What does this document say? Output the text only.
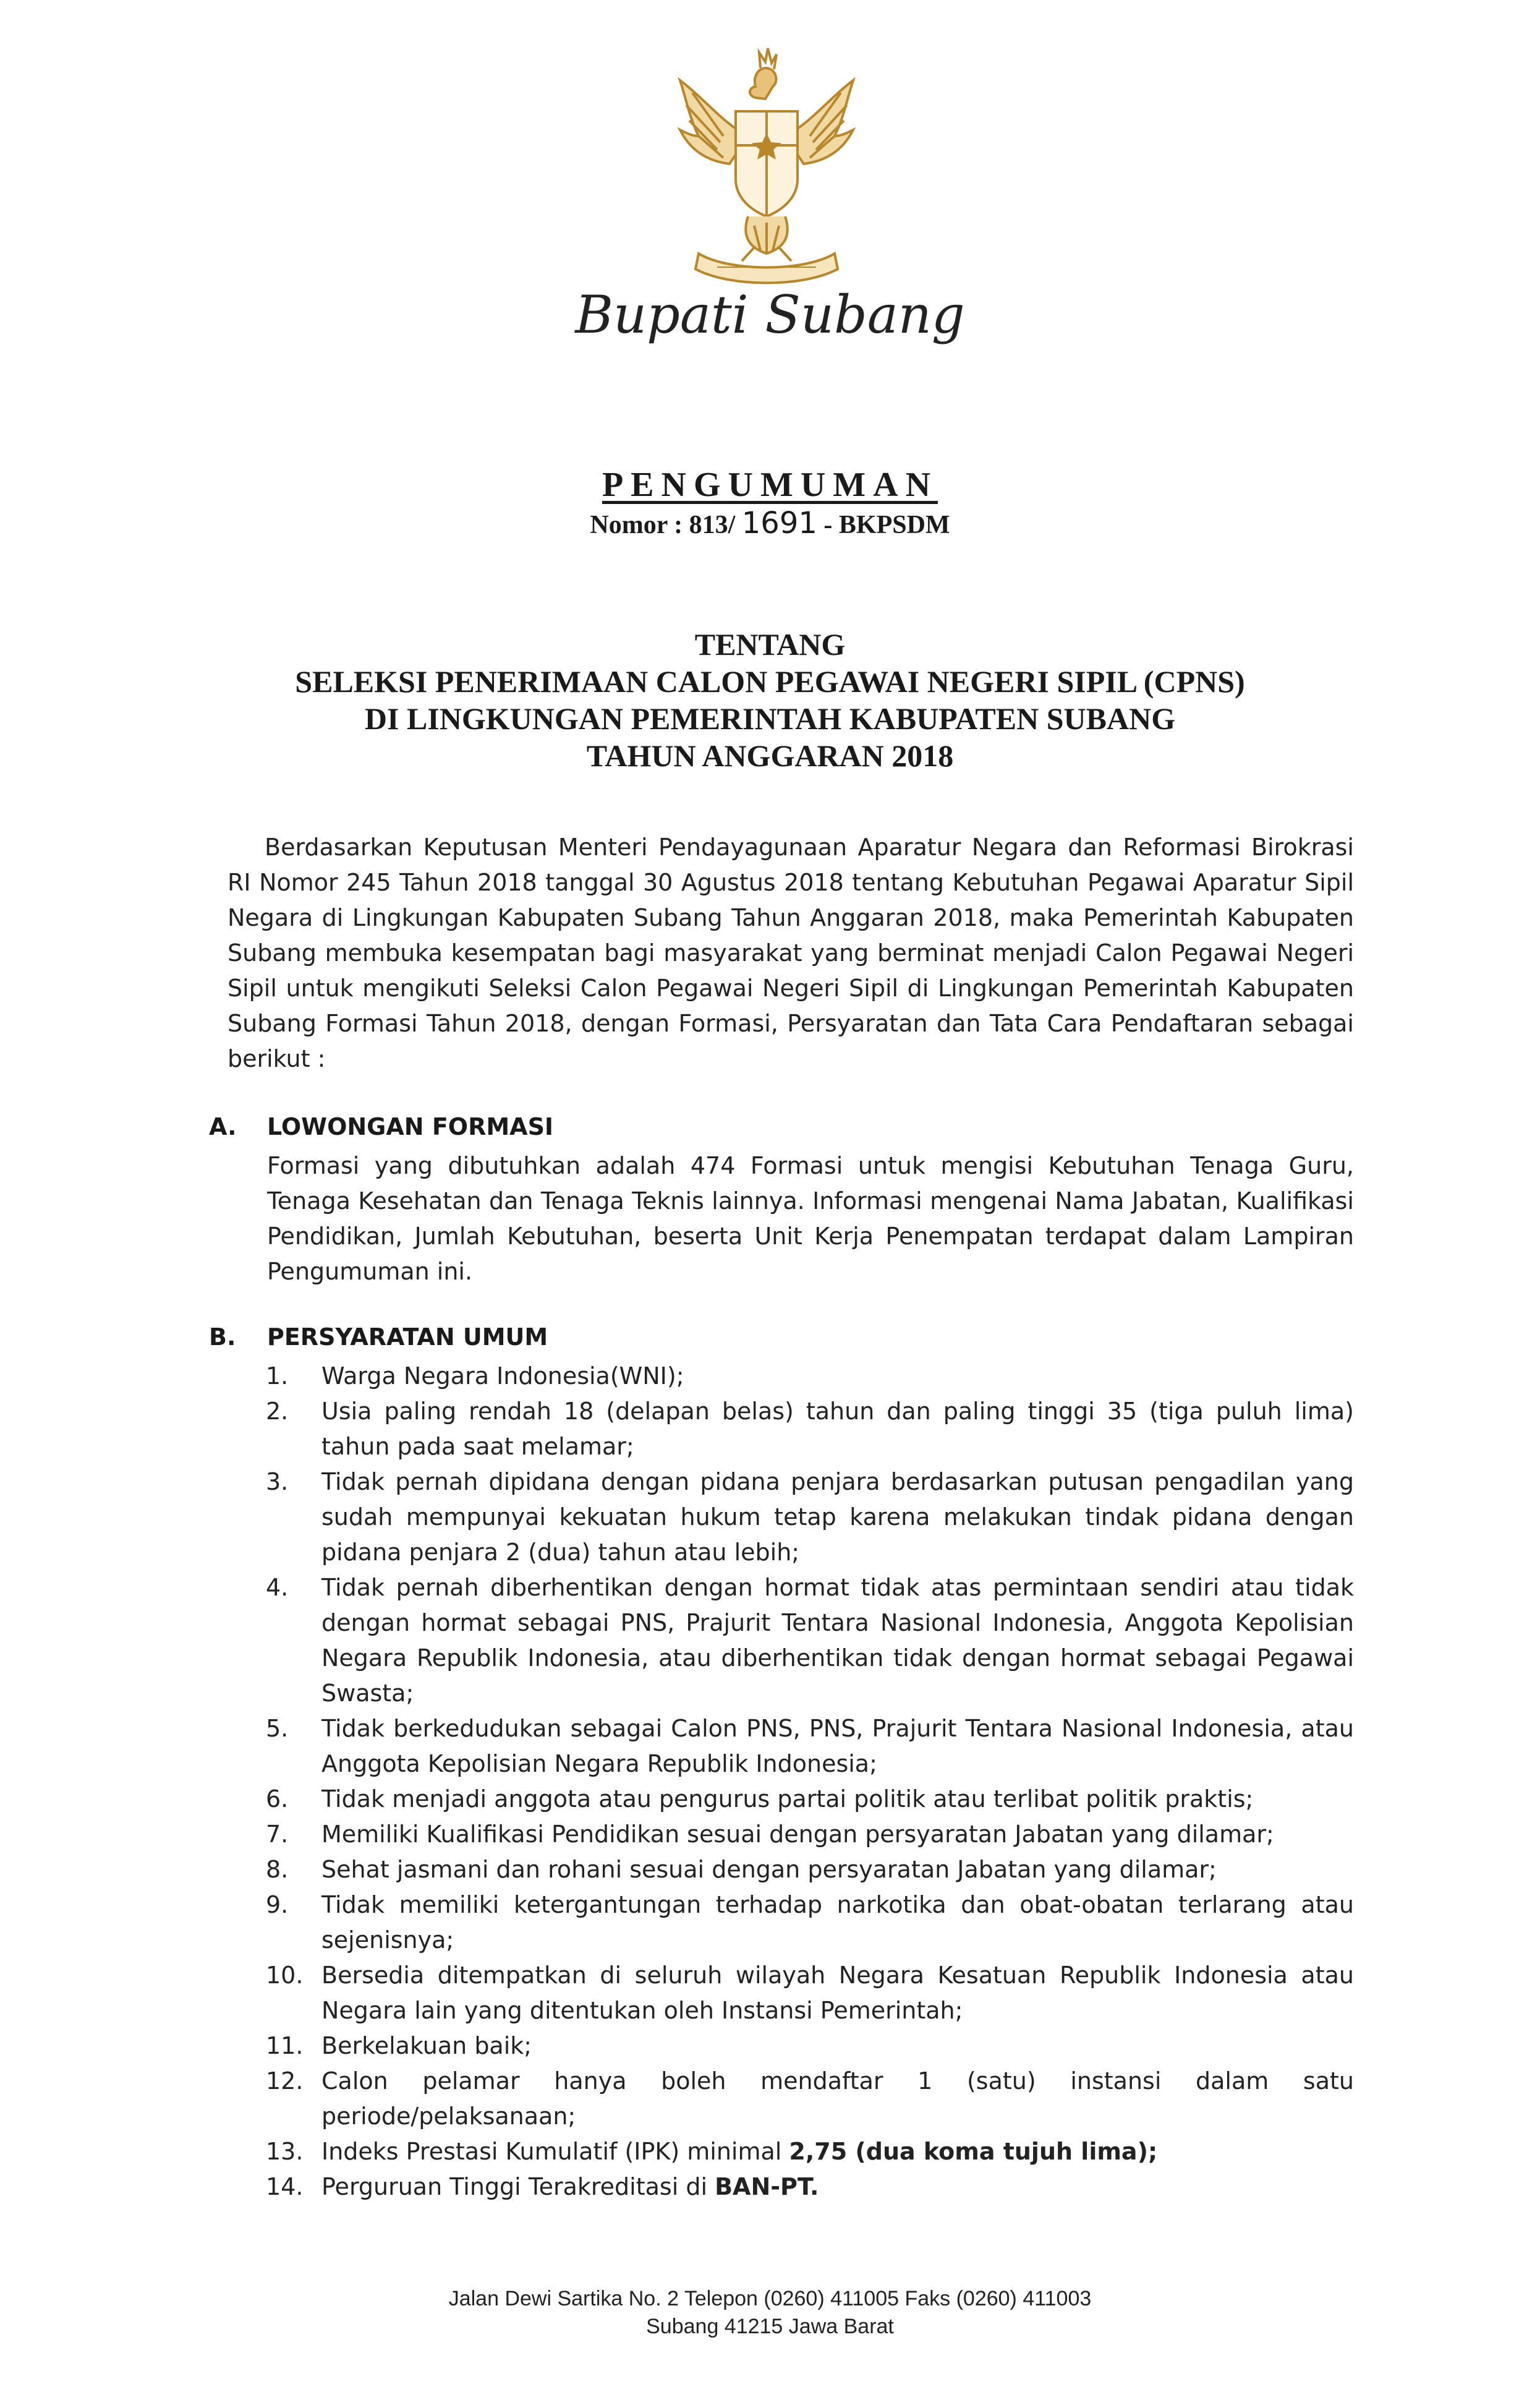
Bupati Subang
PENGUMUMAN
Nomor : 813/ 1691 - BKPSDM
TENTANG
SELEKSI PENERIMAAN CALON PEGAWAI NEGERI SIPIL (CPNS)
DI LINGKUNGAN PEMERINTAH KABUPATEN SUBANG
TAHUN ANGGARAN 2018
Berdasarkan Keputusan Menteri Pendayagunaan Aparatur Negara dan Reformasi Birokrasi RI Nomor 245 Tahun 2018 tanggal 30 Agustus 2018 tentang Kebutuhan Pegawai Aparatur Sipil Negara di Lingkungan Kabupaten Subang Tahun Anggaran 2018, maka Pemerintah Kabupaten Subang membuka kesempatan bagi masyarakat yang berminat menjadi Calon Pegawai Negeri Sipil untuk mengikuti Seleksi Calon Pegawai Negeri Sipil di Lingkungan Pemerintah Kabupaten Subang Formasi Tahun 2018, dengan Formasi, Persyaratan dan Tata Cara Pendaftaran sebagai berikut :
A. LOWONGAN FORMASI
Formasi yang dibutuhkan adalah 474 Formasi untuk mengisi Kebutuhan Tenaga Guru, Tenaga Kesehatan dan Tenaga Teknis lainnya. Informasi mengenai Nama Jabatan, Kualifikasi Pendidikan, Jumlah Kebutuhan, beserta Unit Kerja Penempatan terdapat dalam Lampiran Pengumuman ini.
B. PERSYARATAN UMUM
1.	Warga Negara Indonesia(WNI);
2.	Usia paling rendah 18 (delapan belas) tahun dan paling tinggi 35 (tiga puluh lima) tahun pada saat melamar;
3.	Tidak pernah dipidana dengan pidana penjara berdasarkan putusan pengadilan yang sudah mempunyai kekuatan hukum tetap karena melakukan tindak pidana dengan pidana penjara 2 (dua) tahun atau lebih;
4.	Tidak pernah diberhentikan dengan hormat tidak atas permintaan sendiri atau tidak dengan hormat sebagai PNS, Prajurit Tentara Nasional Indonesia, Anggota Kepolisian Negara Republik Indonesia, atau diberhentikan tidak dengan hormat sebagai Pegawai Swasta;
5.	Tidak berkedudukan sebagai Calon PNS, PNS, Prajurit Tentara Nasional Indonesia, atau Anggota Kepolisian Negara Republik Indonesia;
6.	Tidak menjadi anggota atau pengurus partai politik atau terlibat politik praktis;
7.	Memiliki Kualifikasi Pendidikan sesuai dengan persyaratan Jabatan yang dilamar;
8.	Sehat jasmani dan rohani sesuai dengan persyaratan Jabatan yang dilamar;
9.	Tidak memiliki ketergantungan terhadap narkotika dan obat-obatan terlarang atau sejenisnya;
10. Bersedia ditempatkan di seluruh wilayah Negara Kesatuan Republik Indonesia atau Negara lain yang ditentukan oleh Instansi Pemerintah;
11. Berkelakuan baik;
12. Calon pelamar hanya boleh mendaftar 1 (satu) instansi dalam satu periode/pelaksanaan;
13. Indeks Prestasi Kumulatif (IPK) minimal 2,75 (dua koma tujuh lima);
14. Perguruan Tinggi Terakreditasi di BAN-PT.
Jalan Dewi Sartika No. 2 Telepon (0260) 411005 Faks (0260) 411003
Subang 41215 Jawa Barat
